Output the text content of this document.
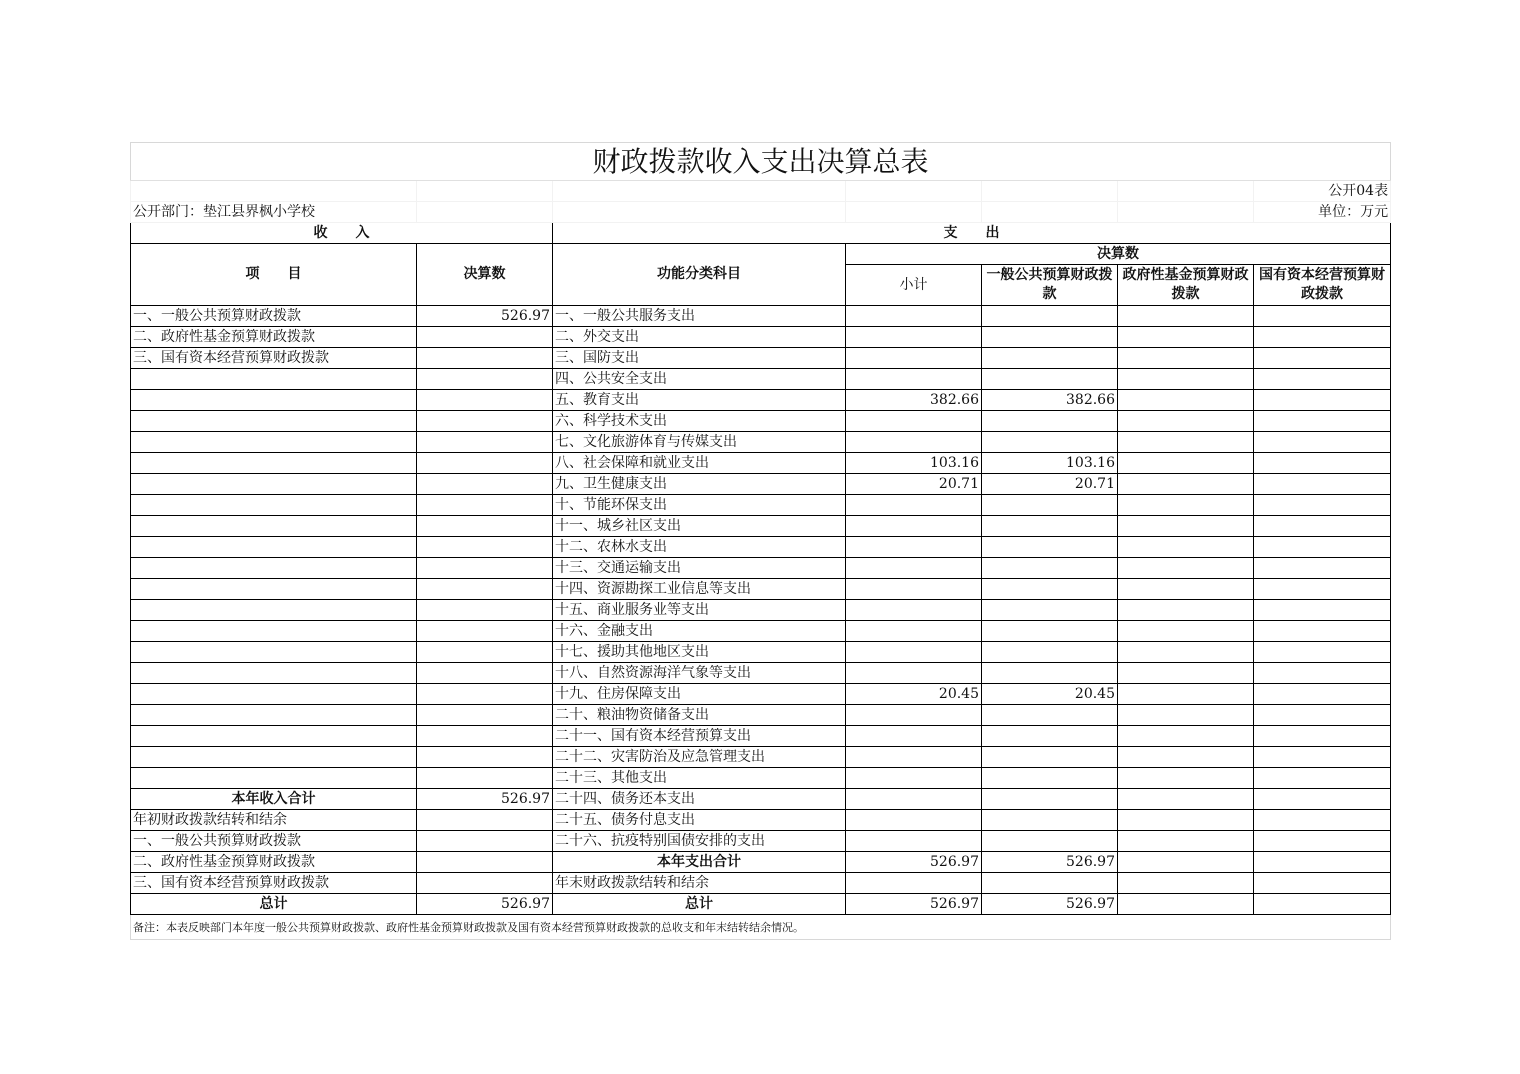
财政拨款收入支出决算总表						
						公开04表
公开部门：垫江县界枫小学校						单位：万元
收　　入		支　　出				
项　　目	决算数	功能分类科目	决算数			
			小计	一般公共预算财政拨款	政府性基金预算财政拨款	国有资本经营预算财政拨款
一、一般公共预算财政拨款	526.97	一、一般公共服务支出				
二、政府性基金预算财政拨款		二、外交支出				
三、国有资本经营预算财政拨款		三、国防支出				
		四、公共安全支出				
		五、教育支出	382.66	382.66		
		六、科学技术支出				
		七、文化旅游体育与传媒支出				
		八、社会保障和就业支出	103.16	103.16		
		九、卫生健康支出	20.71	20.71		
		十、节能环保支出				
		十一、城乡社区支出				
		十二、农林水支出				
		十三、交通运输支出				
		十四、资源勘探工业信息等支出				
		十五、商业服务业等支出				
		十六、金融支出				
		十七、援助其他地区支出				
		十八、自然资源海洋气象等支出				
		十九、住房保障支出	20.45	20.45		
		二十、粮油物资储备支出				
		二十一、国有资本经营预算支出				
		二十二、灾害防治及应急管理支出				
		二十三、其他支出				
本年收入合计	526.97	二十四、债务还本支出				
年初财政拨款结转和结余		二十五、债务付息支出				
一、一般公共预算财政拨款		二十六、抗疫特别国债安排的支出				
二、政府性基金预算财政拨款		本年支出合计	526.97	526.97		
三、国有资本经营预算财政拨款		年末财政拨款结转和结余				
总计	526.97	总计	526.97	526.97		
备注：本表反映部门本年度一般公共预算财政拨款、政府性基金预算财政拨款及国有资本经营预算财政拨款的总收支和年末结转结余情况。						
